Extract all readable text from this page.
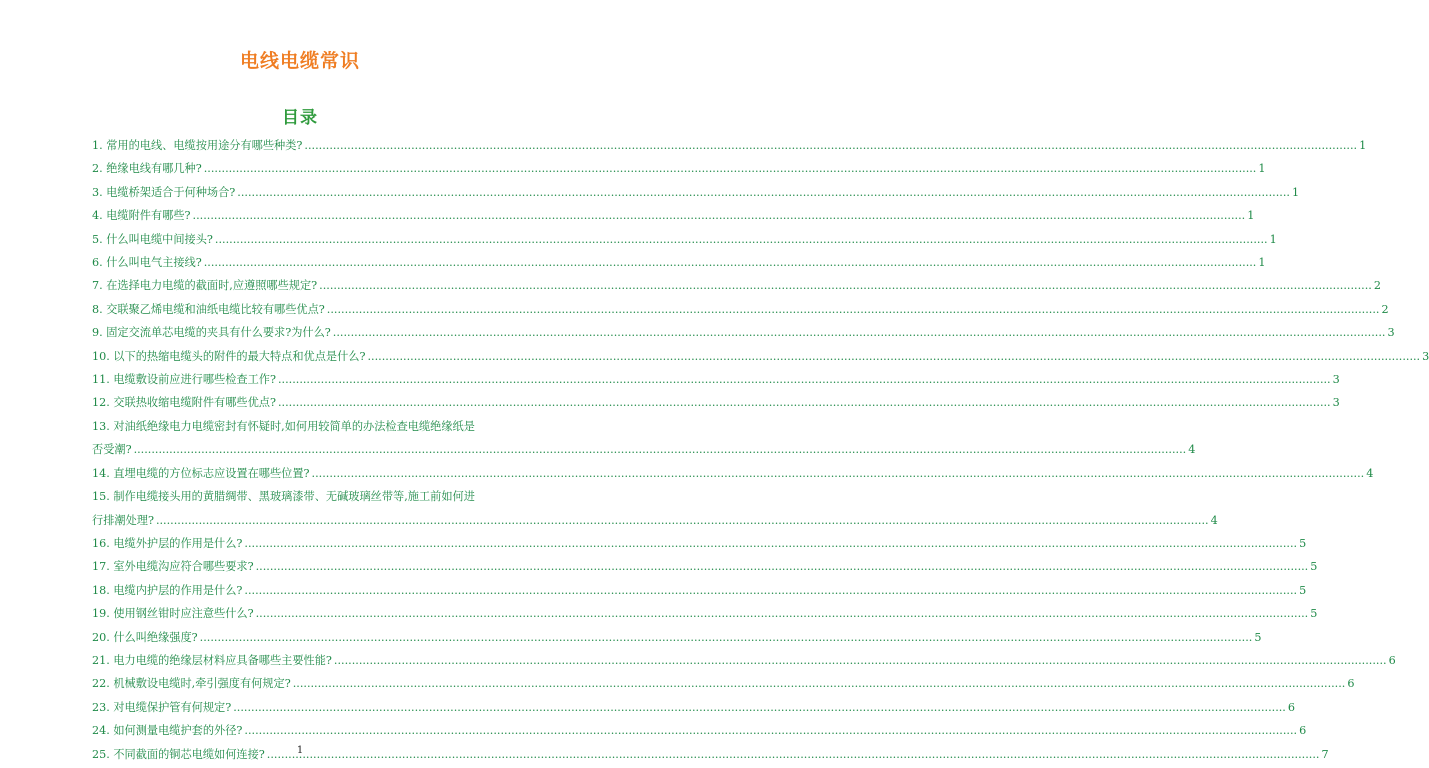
电线电缆常识
目录
1. 常用的电线、电缆按用途分有哪些种类? .....	1
2. 绝缘电线有哪几种? .....	1
3. 电缆桥架适合于何种场合? .....	1
4. 电缆附件有哪些? .....	1
5. 什么叫电缆中间接头? .....	1
6. 什么叫电气主接线? .....	1
7. 在选择电力电缆的截面时,应遵照哪些规定? .....	2
8. 交联聚乙烯电缆和油纸电缆比较有哪些优点? .....	2
9. 固定交流单芯电缆的夹具有什么要求?为什么? .....	3
10. 以下的热缩电缆头的附件的最大特点和优点是什么? .....	3
11. 电缆敷设前应进行哪些检查工作? .....	3
12. 交联热收缩电缆附件有哪些优点? .....	3
13. 对油纸绝缘电力电缆密封有怀疑时,如何用较简单的办法检查电缆绝缘纸是
否受潮? .....	4
14. 直埋电缆的方位标志应设置在哪些位置? .....	4
15. 制作电缆接头用的黄腊绸带、黑玻璃漆带、无碱玻璃丝带等,施工前如何进
行排潮处理? .....	4
16. 电缆外护层的作用是什么? .....	5
17. 室外电缆沟应符合哪些要求? .....	5
18. 电缆内护层的作用是什么? .....	5
19. 使用钢丝钳时应注意些什么? .....	5
20. 什么叫绝缘强度? .....	5
21. 电力电缆的绝缘层材料应具备哪些主要性能? .....	6
22. 机械敷设电缆时,牵引强度有何规定? .....	6
23. 对电缆保护管有何规定? .....	6
24. 如何测量电缆护套的外径? .....	6
25. 不同截面的铜芯电缆如何连接? .....	7
1
